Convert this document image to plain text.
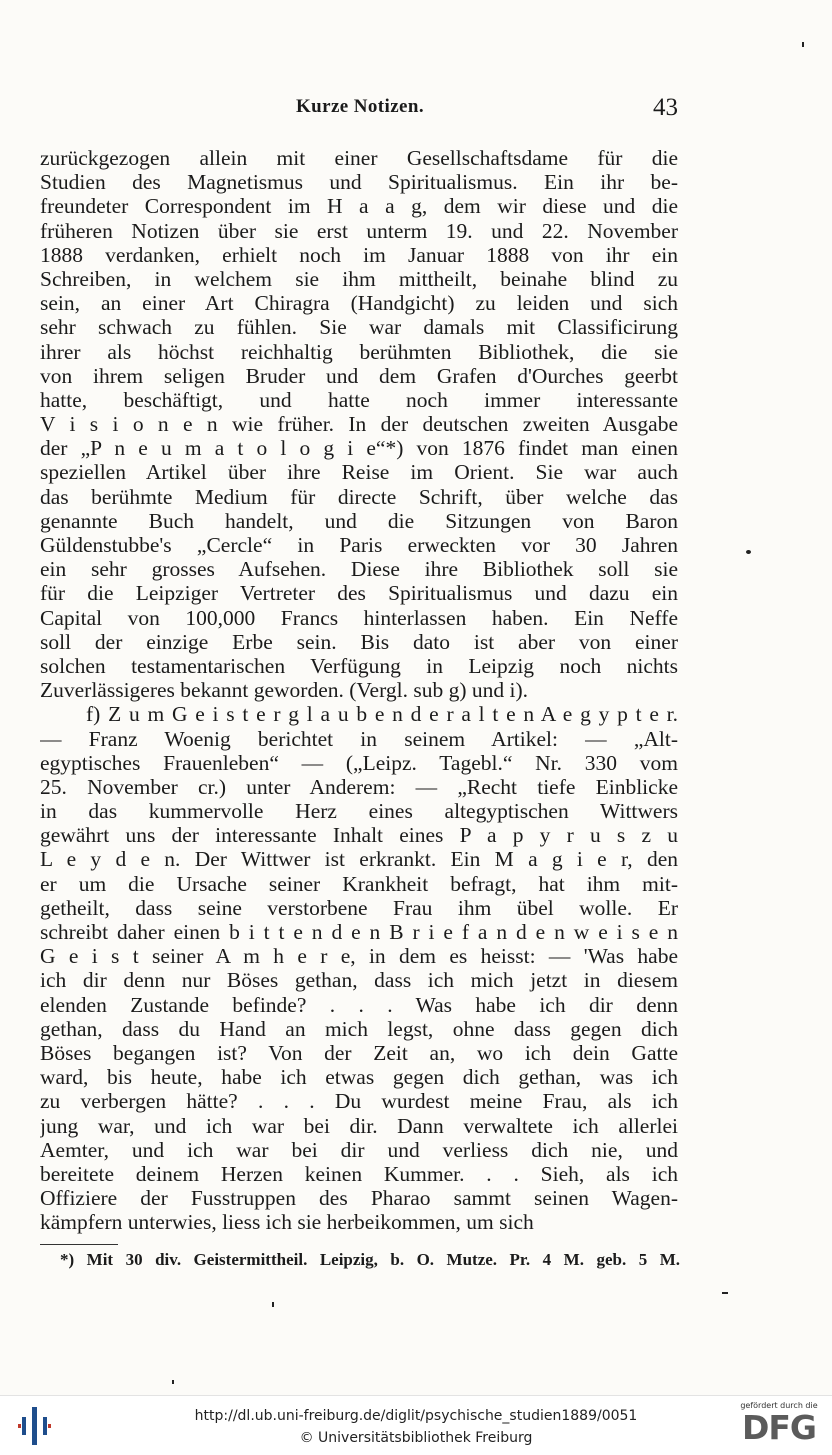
Kurze Notizen.	43
zurückgezogen allein mit einer Gesellschaftsdame für die
Studien des Magnetismus und Spiritualismus. Ein ihr be-
freundeter Correspondent im H a a g, dem wir diese und die
früheren Notizen über sie erst unterm 19. und 22. November
1888 verdanken, erhielt noch im Januar 1888 von ihr ein
Schreiben, in welchem sie ihm mittheilt, beinahe blind zu
sein, an einer Art Chiragra (Handgicht) zu leiden und sich
sehr schwach zu fühlen. Sie war damals mit Classificirung
ihrer als höchst reichhaltig berühmten Bibliothek, die sie
von ihrem seligen Bruder und dem Grafen d'Ourches geerbt
hatte, beschäftigt, und hatte noch immer interessante
V i s i o n e n wie früher. In der deutschen zweiten Ausgabe
der „P n e u m a t o l o g i e“*) von 1876 findet man einen
speziellen Artikel über ihre Reise im Orient. Sie war auch
das berühmte Medium für directe Schrift, über welche das
genannte Buch handelt, und die Sitzungen von Baron
Güldenstubbe's „Cercle“ in Paris erweckten vor 30 Jahren
ein sehr grosses Aufsehen. Diese ihre Bibliothek soll sie
für die Leipziger Vertreter des Spiritualismus und dazu ein
Capital von 100,000 Francs hinterlassen haben. Ein Neffe
soll der einzige Erbe sein. Bis dato ist aber von einer
solchen testamentarischen Verfügung in Leipzig noch nichts
Zuverlässigeres bekannt geworden. (Vergl. sub g) und i).
f) Z u m G e i s t e r g l a u b e n d e r a l t e n A e g y p t e r.
— Franz Woenig berichtet in seinem Artikel: — „Alt-
egyptisches Frauenleben“ — („Leipz. Tagebl.“ Nr. 330 vom
25. November cr.) unter Anderem: — „Recht tiefe Einblicke
in das kummervolle Herz eines altegyptischen Wittwers
gewährt uns der interessante Inhalt eines P a p y r u s z u
L e y d e n. Der Wittwer ist erkrankt. Ein M a g i e r, den
er um die Ursache seiner Krankheit befragt, hat ihm mit-
getheilt, dass seine verstorbene Frau ihm übel wolle. Er
schreibt daher einen b i t t e n d e n B r i e f a n d e n w e i s e n
G e i s t seiner A m h e r e, in dem es heisst: — 'Was habe
ich dir denn nur Böses gethan, dass ich mich jetzt in diesem
elenden Zustande befinde? . . . Was habe ich dir denn
gethan, dass du Hand an mich legst, ohne dass gegen dich
Böses begangen ist? Von der Zeit an, wo ich dein Gatte
ward, bis heute, habe ich etwas gegen dich gethan, was ich
zu verbergen hätte? . . . Du wurdest meine Frau, als ich
jung war, und ich war bei dir. Dann verwaltete ich allerlei
Aemter, und ich war bei dir und verliess dich nie, und
bereitete deinem Herzen keinen Kummer. . . Sieh, als ich
Offiziere der Fusstruppen des Pharao sammt seinen Wagen-
kämpfern unterwies, liess ich sie herbeikommen, um sich
*) Mit 30 div. Geistermittheil. Leipzig, b. O. Mutze. Pr. 4 M. geb. 5 M.
http://dl.ub.uni-freiburg.de/diglit/psychische_studien1889/0051
© Universitätsbibliothek Freiburg
gefördert durch die
DFG
